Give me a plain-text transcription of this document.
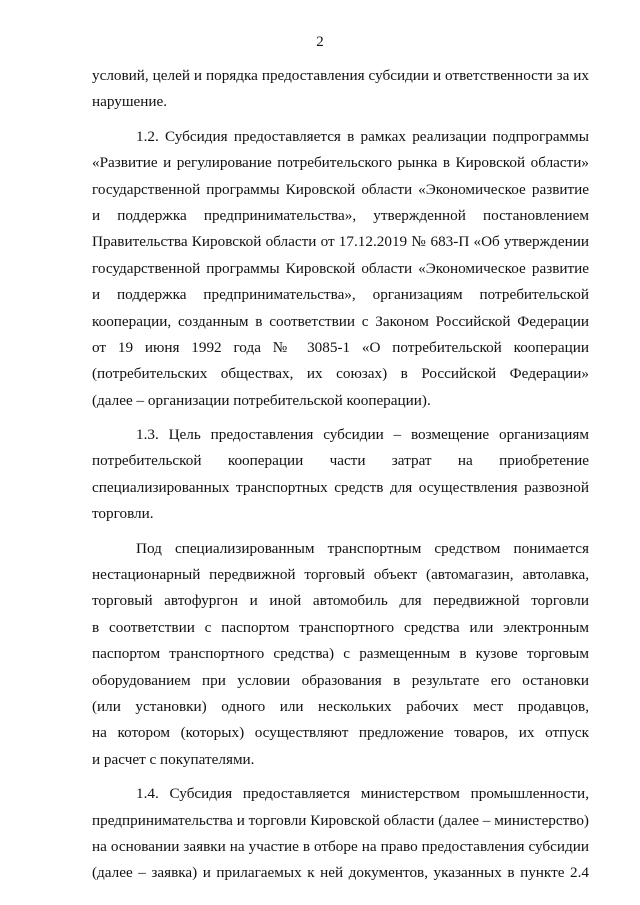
2
условий, целей и порядка предоставления субсидии и ответственности за их
нарушение.
1.2. Субсидия предоставляется в рамках реализации подпрограммы
«Развитие и регулирование потребительского рынка в Кировской области»
государственной программы Кировской области «Экономическое развитие
и поддержка предпринимательства», утвержденной постановлением
Правительства Кировской области от 17.12.2019 № 683-П «Об утверждении
государственной программы Кировской области «Экономическое развитие
и поддержка предпринимательства», организациям потребительской
кооперации, созданным в соответствии с Законом Российской Федерации
от 19 июня 1992 года № 3085-1 «О потребительской кооперации
(потребительских обществах, их союзах) в Российской Федерации»
(далее – организации потребительской кооперации).
1.3. Цель предоставления субсидии – возмещение организациям
потребительской кооперации части затрат на приобретение
специализированных транспортных средств для осуществления развозной
торговли.
Под специализированным транспортным средством понимается
нестационарный передвижной торговый объект (автомагазин, автолавка,
торговый автофургон и иной автомобиль для передвижной торговли
в соответствии с паспортом транспортного средства или электронным
паспортом транспортного средства) с размещенным в кузове торговым
оборудованием при условии образования в результате его остановки
(или установки) одного или нескольких рабочих мест продавцов,
на котором (которых) осуществляют предложение товаров, их отпуск
и расчет с покупателями.
1.4. Субсидия предоставляется министерством промышленности,
предпринимательства и торговли Кировской области (далее – министерство)
на основании заявки на участие в отборе на право предоставления субсидии
(далее – заявка) и прилагаемых к ней документов, указанных в пункте 2.4
